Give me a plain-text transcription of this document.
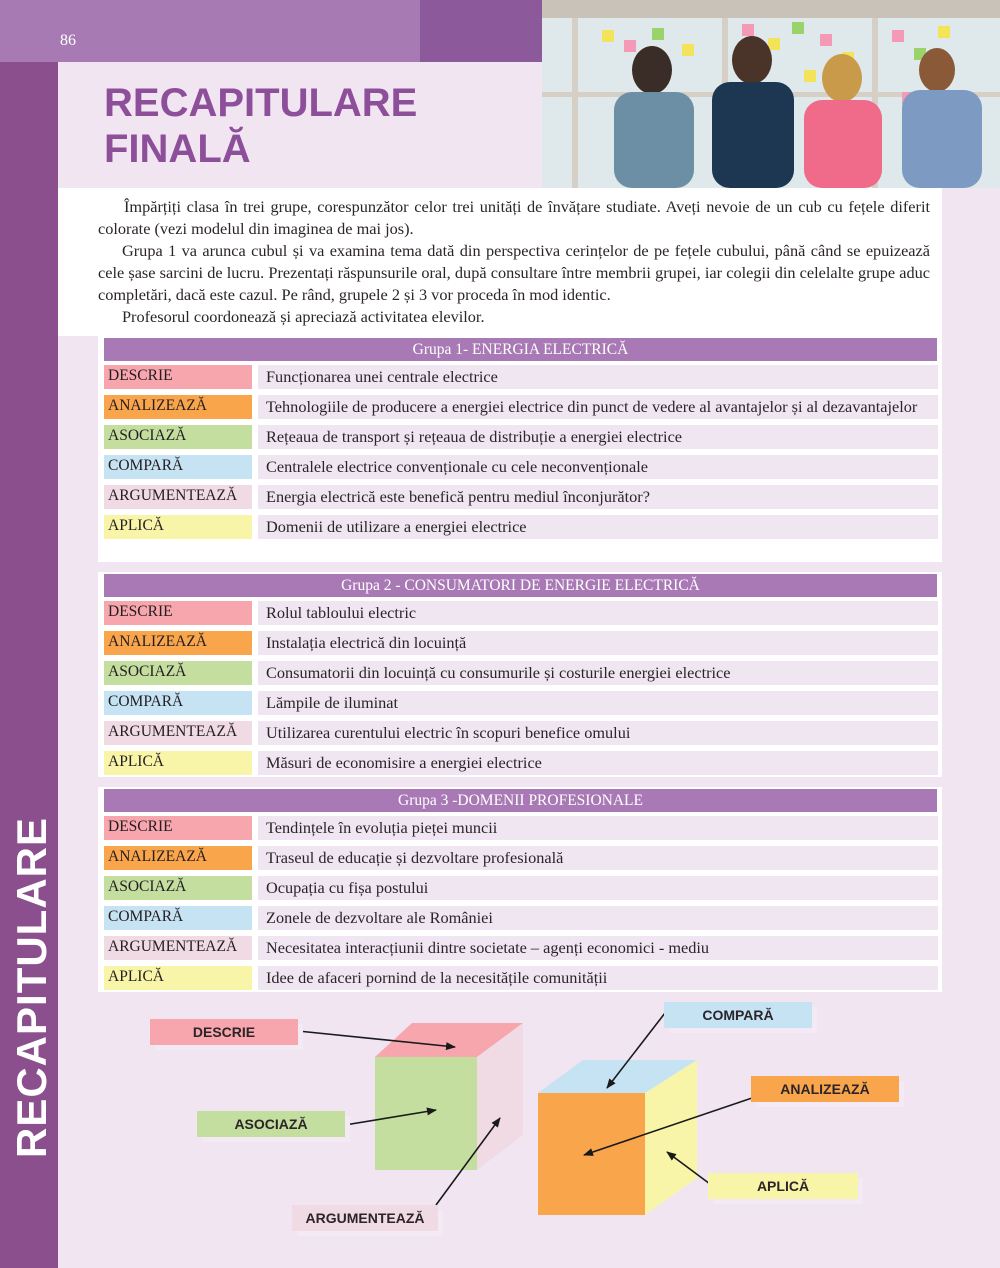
86
RECAPITULARE
RECAPITULARE
FINALĂ

Împărțiți clasa în trei grupe, corespunzător celor trei unități de învățare studiate. Aveți nevoie de un cub cu fețele diferit colorate (vezi modelul din imaginea de mai jos).

Grupa 1 va arunca cubul și va examina tema dată din perspectiva cerințelor de pe fețele cubului, până când se epuizează cele șase sarcini de lucru. Prezentați răspunsurile oral, după consultare între membrii grupei, iar colegii din celelalte grupe aduc completări, dacă este cazul. Pe rând, grupele 2 și 3 vor proceda în mod identic.

Profesorul coordonează și apreciază activitatea elevilor.

Grupa 1- ENERGIA ELECTRICĂ
DESCRIE	Funcționarea unei centrale electrice
ANALIZEAZĂ	Tehnologiile de producere a energiei electrice din punct de vedere al avantajelor și al dezavantajelor
ASOCIAZĂ	Rețeaua de transport și rețeaua de distribuție a energiei electrice
COMPARĂ	Centralele electrice convenționale cu cele neconvenționale
ARGUMENTEAZĂ	Energia electrică este benefică pentru mediul înconjurător?
APLICĂ	Domenii de utilizare a energiei electrice
Grupa 2 - CONSUMATORI DE ENERGIE ELECTRICĂ
DESCRIE	Rolul tabloului electric
ANALIZEAZĂ	Instalația electrică din locuință
ASOCIAZĂ	Consumatorii din locuință cu consumurile și costurile energiei electrice
COMPARĂ	Lămpile de iluminat
ARGUMENTEAZĂ	Utilizarea curentului electric în scopuri benefice omului
APLICĂ	Măsuri de economisire a energiei electrice
Grupa 3 -DOMENII PROFESIONALE
DESCRIE	Tendințele în evoluția pieței muncii
ANALIZEAZĂ	Traseul de educație și dezvoltare profesională
ASOCIAZĂ	Ocupația cu fișa postului
COMPARĂ	Zonele de dezvoltare ale României
ARGUMENTEAZĂ	Necesitatea interacțiunii dintre societate – agenți economici - mediu
APLICĂ	Idee de afaceri pornind de la necesitățile comunității
DESCRIE
ASOCIAZĂ
ARGUMENTEAZĂ
COMPARĂ
ANALIZEAZĂ
APLICĂ
